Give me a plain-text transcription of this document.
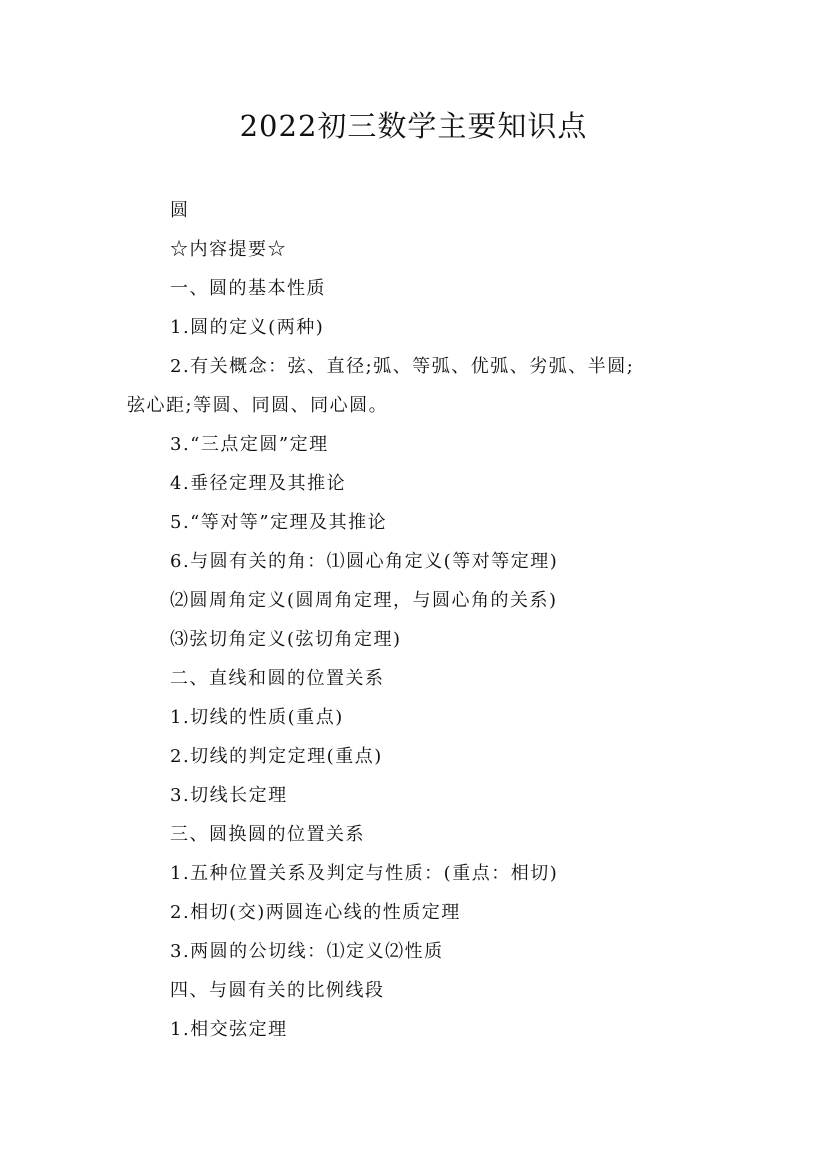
2022初三数学主要知识点
圆
☆内容提要☆
一、圆的基本性质
1.圆的定义(两种)
2.有关概念：弦、直径;弧、等弧、优弧、劣弧、半圆;
弦心距;等圆、同圆、同心圆。
3.“三点定圆”定理
4.垂径定理及其推论
5.“等对等”定理及其推论
6.与圆有关的角：⑴圆心角定义(等对等定理)
⑵圆周角定义(圆周角定理，与圆心角的关系)
⑶弦切角定义(弦切角定理)
二、直线和圆的位置关系
1.切线的性质(重点)
2.切线的判定定理(重点)
3.切线长定理
三、圆换圆的位置关系
1.五种位置关系及判定与性质：(重点：相切)
2.相切(交)两圆连心线的性质定理
3.两圆的公切线：⑴定义⑵性质
四、与圆有关的比例线段
1.相交弦定理
